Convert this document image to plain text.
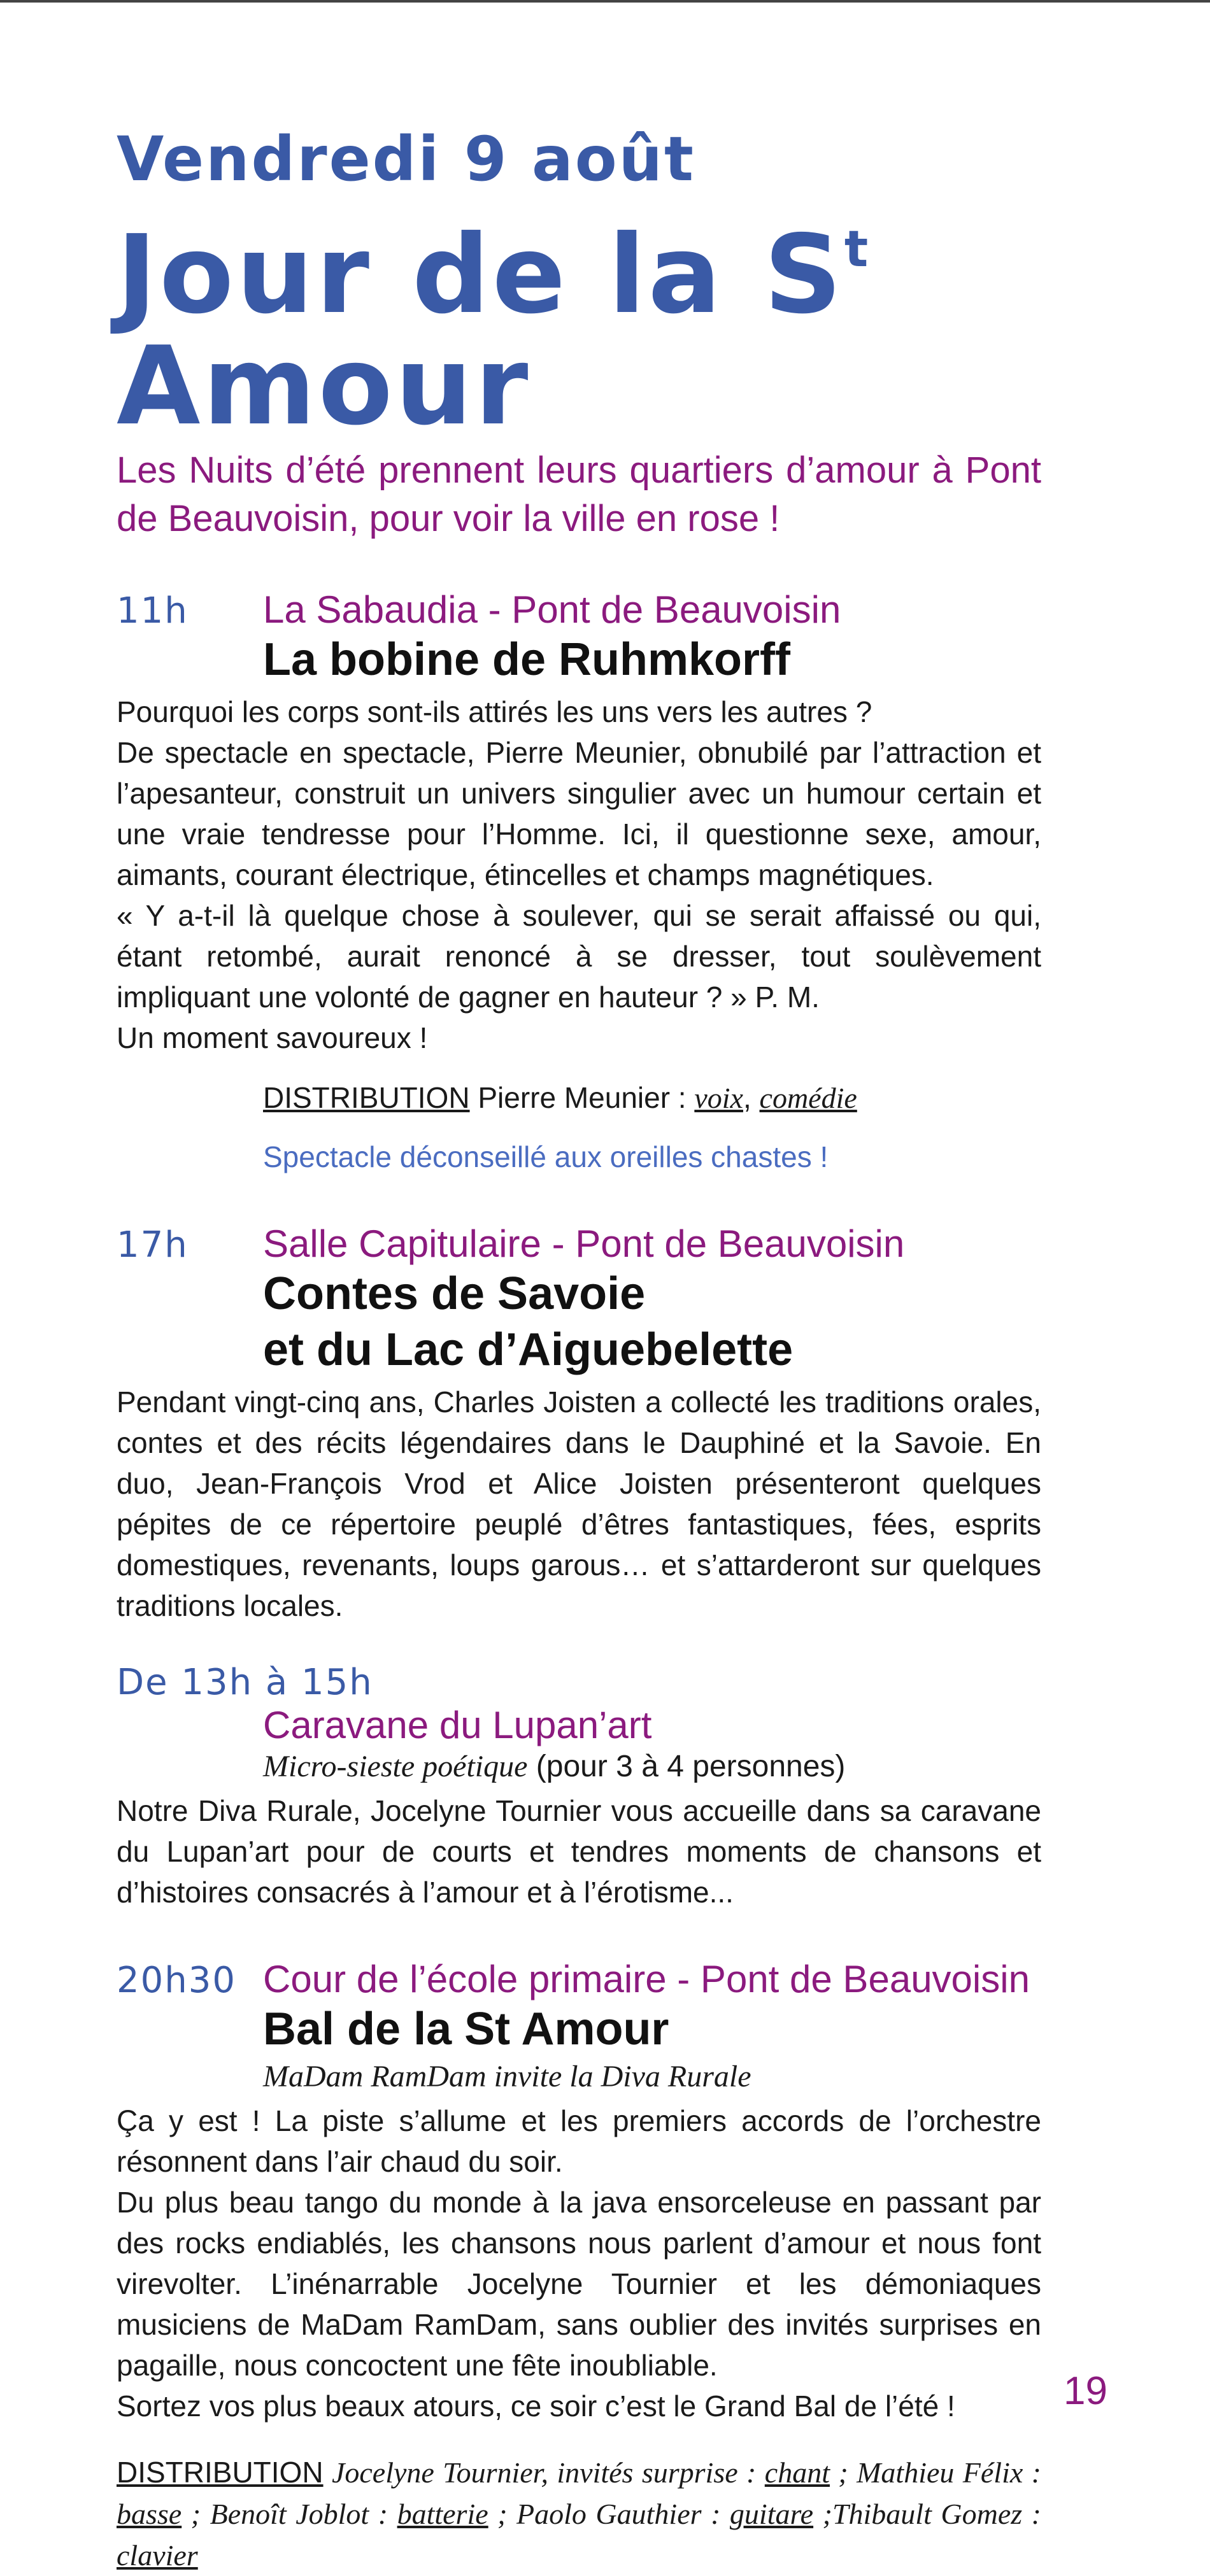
Vendredi 9 août
Jour de la $S^t$ Amour

Les Nuits d’été prennent leurs quartiers d’amour à Pont de Beauvoisin, pour voir la ville en rose !

11h	La Sabaudia - Pont de Beauvoisin
La bobine de Ruhmkorff

Pourquoi les corps sont-ils attirés les uns vers les autres ?

De spectacle en spectacle, Pierre Meunier, obnubilé par l’attraction et l’apesanteur, construit un univers singulier avec un humour certain et une vraie tendresse pour l’Homme. Ici, il questionne sexe, amour, aimants, courant électrique, étincelles et champs magnétiques.

« Y a-t-il là quelque chose à soulever, qui se serait affaissé ou qui, étant retombé, aurait renoncé à se dresser, tout soulèvement impliquant une volonté de gagner en hauteur ? » P. M.

Un moment savoureux !

DISTRIBUTION Pierre Meunier : voix, comédie
Spectacle déconseillé aux oreilles chastes !
17h	Salle Capitulaire - Pont de Beauvoisin
Contes de Savoie
et du Lac d’Aiguebelette

Pendant vingt-cinq ans, Charles Joisten a collecté les traditions orales, contes et des récits légendaires dans le Dauphiné et la Savoie. En duo, Jean-François Vrod et Alice Joisten présenteront quelques pépites de ce répertoire peuplé d’êtres fantastiques, fées, esprits domestiques, revenants, loups garous… et s’attarderont sur quelques traditions locales.

De 13h à 15h
Caravane du Lupan’art
Micro-sieste poétique (pour 3 à 4 personnes)

Notre Diva Rurale, Jocelyne Tournier vous accueille dans sa caravane du Lupan’art pour de courts et tendres moments de chansons et d’histoires consacrés à l’amour et à l’érotisme...

20h30 Cour de l’école primaire - Pont de Beauvoisin
Bal de la St Amour
MaDam RamDam invite la Diva Rurale

Ça y est ! La piste s’allume et les premiers accords de l’orchestre résonnent dans l’air chaud du soir.

Du plus beau tango du monde à la java ensorceleuse en passant par des rocks endiablés, les chansons nous parlent d’amour et nous font virevolter. L’inénarrable Jocelyne Tournier et les démoniaques musiciens de MaDam RamDam, sans oublier des invités surprises en pagaille, nous concoctent une fête inoubliable.

Sortez vos plus beaux atours, ce soir c’est le Grand Bal de l’été !

DISTRIBUTION Jocelyne Tournier, invités surprise : chant ; Mathieu Félix : basse ; Benoît Joblot : batterie ; Paolo Gauthier : guitare ;Thibault Gomez : clavier
19
